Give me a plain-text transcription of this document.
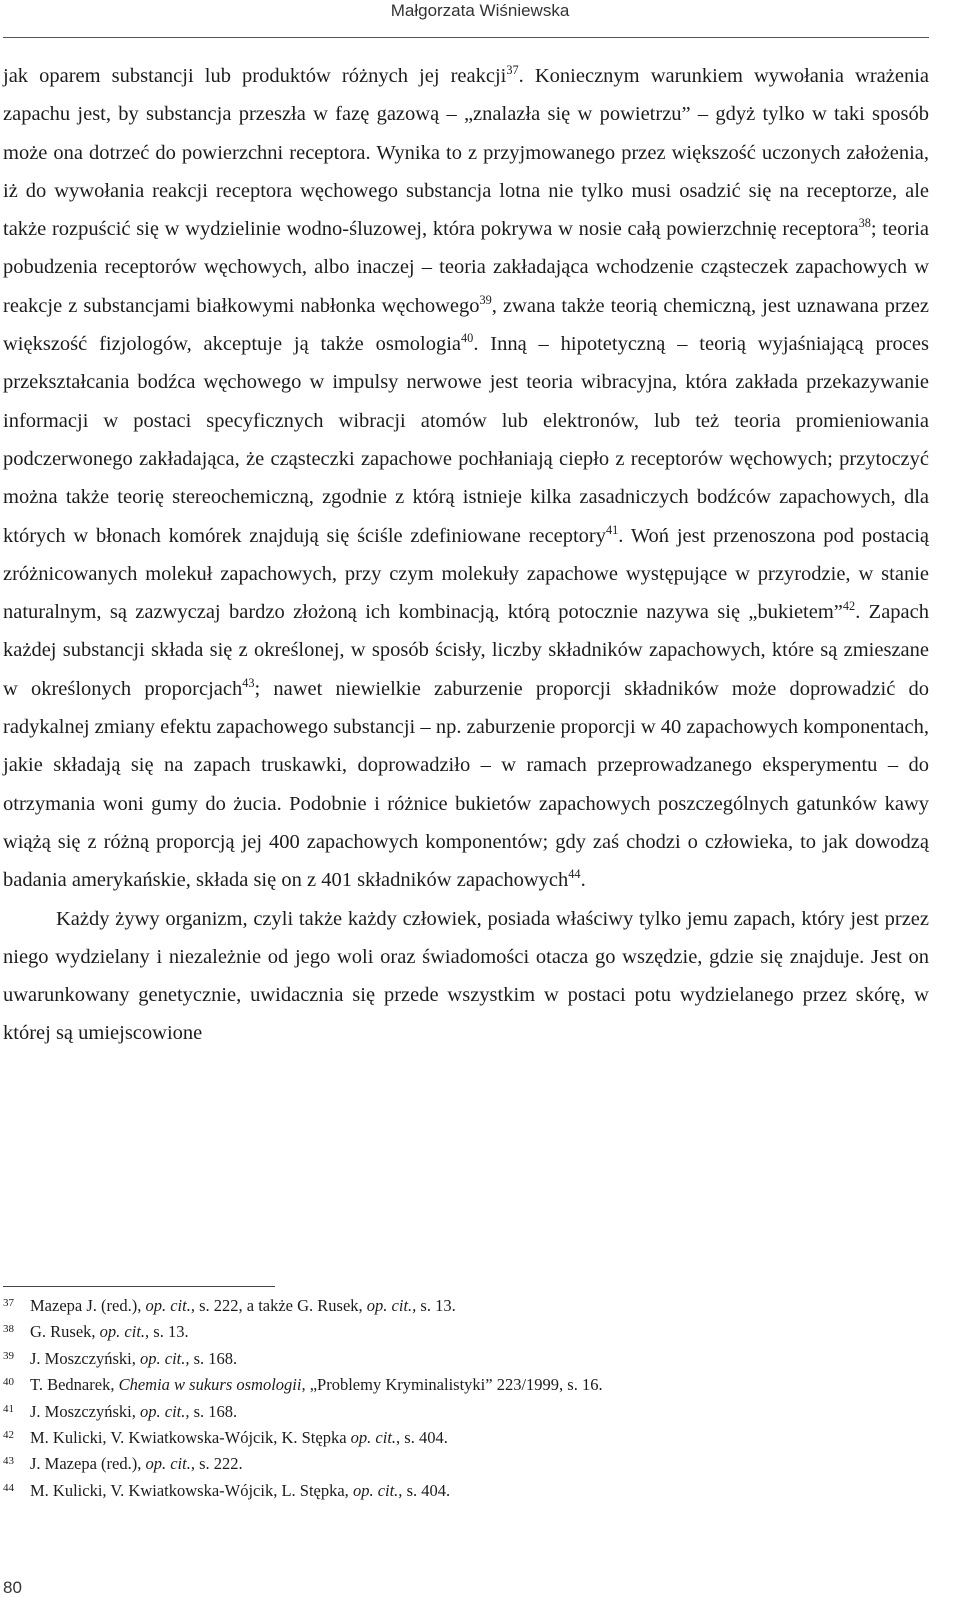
Małgorzata Wiśniewska

jak oparem substancji lub produktów różnych jej reakcji$^{37}$. Koniecznym warunkiem wywołania wrażenia zapachu jest, by substancja przeszła w fazę gazową – „znalazła się w powietrzu” – gdyż tylko w taki sposób może ona dotrzeć do powierzchni receptora. Wynika to z przyjmowanego przez większość uczonych założenia, iż do wywołania reakcji receptora węchowego substancja lotna nie tylko musi osadzić się na receptorze, ale także rozpuścić się w wydzielinie wodno-śluzowej, która pokrywa w nosie całą powierzchnię receptora$^{38}$; teoria pobudzenia receptorów węchowych, albo inaczej – teoria zakładająca wchodzenie cząsteczek zapachowych w reakcje z substancjami białkowymi nabłonka węchowego$^{39}$, zwana także teorią chemiczną, jest uznawana przez większość fizjologów, akceptuje ją także osmologia$^{40}$. Inną – hipotetyczną – teorią wyjaśniającą proces przekształcania bodźca węchowego w impulsy nerwowe jest teoria wibracyjna, która zakłada przekazywanie informacji w postaci specyficznych wibracji atomów lub elektronów, lub też teoria promieniowania podczerwonego zakładająca, że cząsteczki zapachowe pochłaniają ciepło z receptorów węchowych; przytoczyć można także teorię stereochemiczną, zgodnie z którą istnieje kilka zasadniczych bodźców zapachowych, dla których w błonach komórek znajdują się ściśle zdefiniowane receptory$^{41}$. Woń jest przenoszona pod postacią zróżnicowanych molekuł zapachowych, przy czym molekuły zapachowe występujące w przyrodzie, w stanie naturalnym, są zazwyczaj bardzo złożoną ich kombinacją, którą potocznie nazywa się „bukietem”$^{42}$. Zapach każdej substancji składa się z określonej, w sposób ścisły, liczby składników zapachowych, które są zmieszane w określonych proporcjach$^{43}$; nawet niewielkie zaburzenie proporcji składników może doprowadzić do radykalnej zmiany efektu zapachowego substancji – np. zaburzenie proporcji w 40 zapachowych komponentach, jakie składają się na zapach truskawki, doprowadziło – w ramach przeprowadzanego eksperymentu – do otrzymania woni gumy do żucia. Podobnie i różnice bukietów zapachowych poszczególnych gatunków kawy wiążą się z różną proporcją jej 400 zapachowych komponentów; gdy zaś chodzi o człowieka, to jak dowodzą badania amerykańskie, składa się on z 401 składników zapachowych$^{44}$.

Każdy żywy organizm, czyli także każdy człowiek, posiada właściwy tylko jemu zapach, który jest przez niego wydzielany i niezależnie od jego woli oraz świadomości otacza go wszędzie, gdzie się znajduje. Jest on uwarunkowany genetycznie, uwidacznia się przede wszystkim w postaci potu wydzielanego przez skórę, w której są umiejscowione

37 Mazepa J. (red.), op. cit., s. 222, a także G. Rusek, op. cit., s. 13.
38 G. Rusek, op. cit., s. 13.
39 J. Moszczyński, op. cit., s. 168.
40 T. Bednarek, Chemia w sukurs osmologii, „Problemy Kryminalistyki” 223/1999, s. 16.
41 J. Moszczyński, op. cit., s. 168.
42 M. Kulicki, V. Kwiatkowska-Wójcik, K. Stępka op. cit., s. 404.
43 J. Mazepa (red.), op. cit., s. 222.
44 M. Kulicki, V. Kwiatkowska-Wójcik, L. Stępka, op. cit., s. 404.
80
